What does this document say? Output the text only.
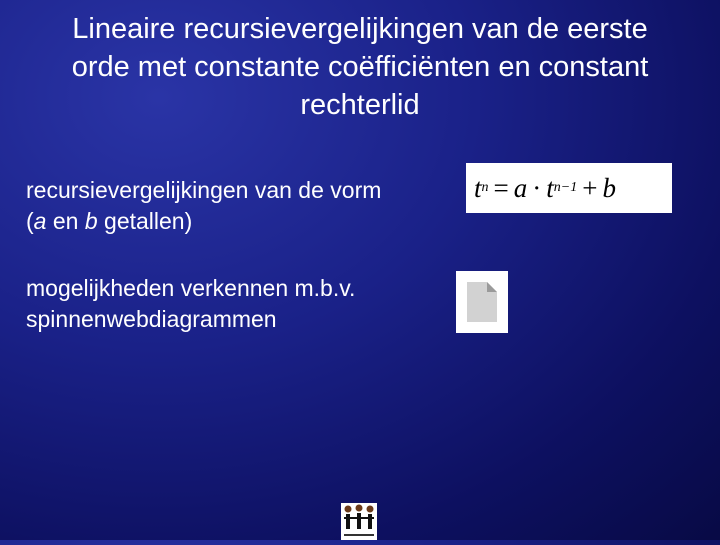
Lineaire recursievergelijkingen van de eerste
orde met constante coëfficiënten en constant
rechterlid
recursievergelijkingen van de vorm
(a en b getallen)
t n = a · t n−1 + b
mogelijkheden verkennen m.b.v.
spinnenwebdiagrammen
